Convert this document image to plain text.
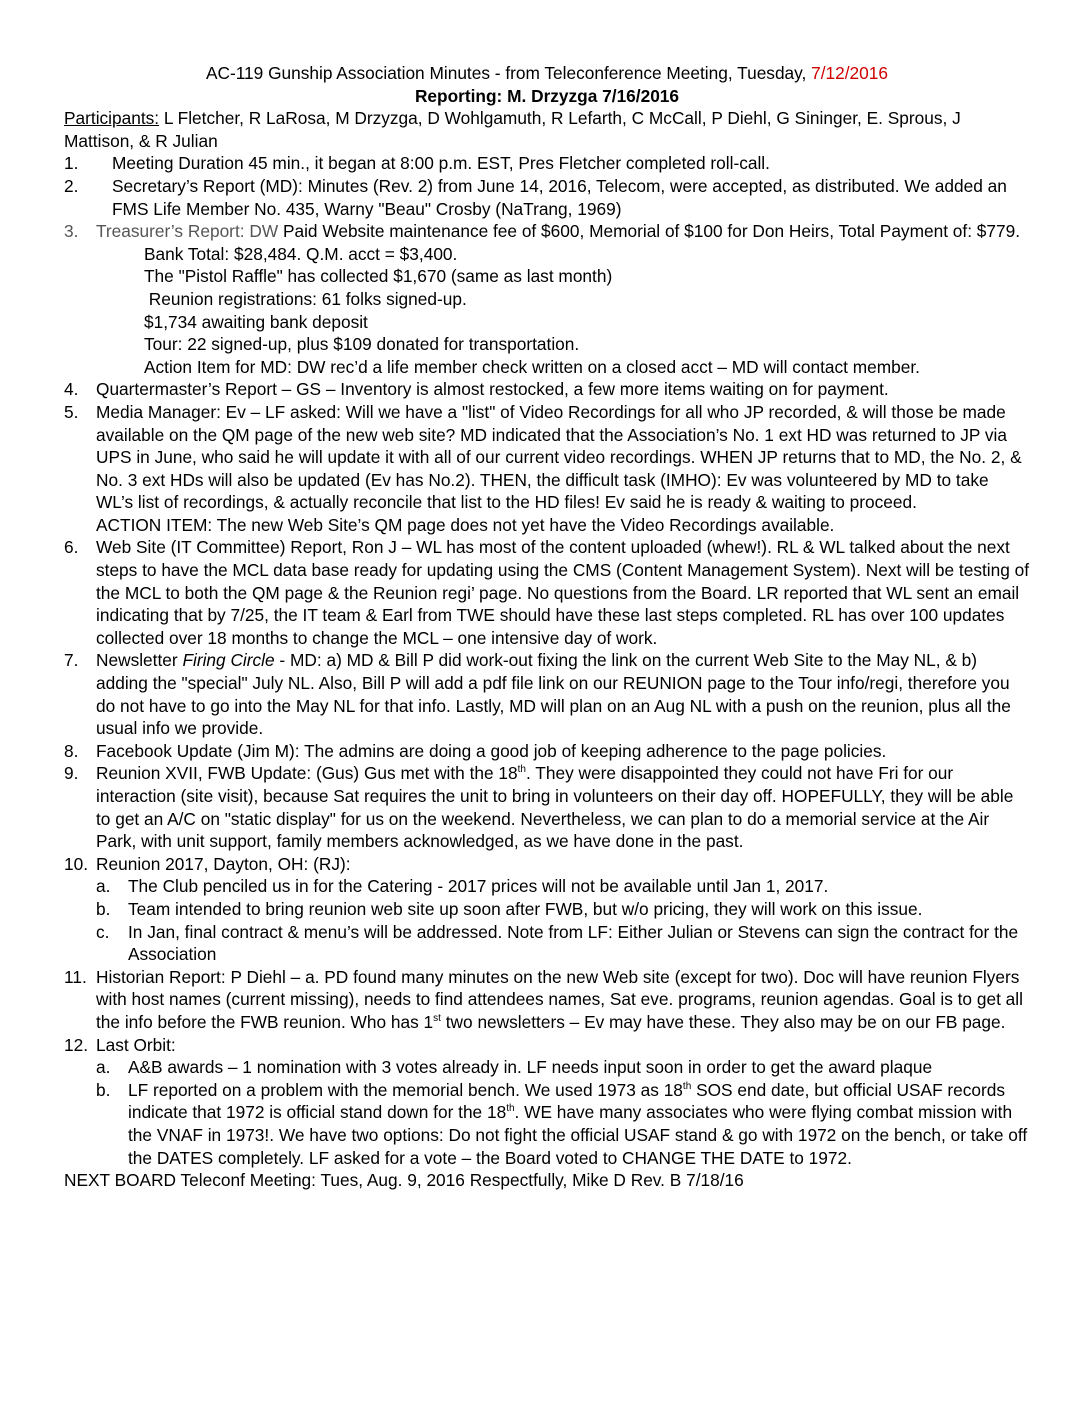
AC-119 Gunship Association Minutes - from Teleconference Meeting, Tuesday, 7/12/2016
Reporting: M. Drzyzga 7/16/2016
Participants: L Fletcher, R LaRosa, M Drzyzga, D Wohlgamuth, R Lefarth, C McCall, P Diehl, G Sininger, E. Sprous, J Mattison, & R Julian
1.	Meeting Duration 45 min., it began at 8:00 p.m. EST, Pres Fletcher completed roll-call.
2.	Secretary’s Report (MD): Minutes (Rev. 2) from June 14, 2016, Telecom, were accepted, as distributed. We added an FMS Life Member No. 435, Warny "Beau" Crosby (NaTrang, 1969)
3.	Treasurer’s Report: DW Paid Website maintenance fee of $600, Memorial of $100 for Don Heirs, Total Payment of: $779.
Bank Total: $28,484. Q.M. acct = $3,400.
The "Pistol Raffle" has collected $1,670 (same as last month)
Reunion registrations: 61 folks signed-up.
$1,734 awaiting bank deposit
Tour: 22 signed-up, plus $109 donated for transportation.
Action Item for MD: DW rec’d a life member check written on a closed acct – MD will contact member.
4.	Quartermaster’s Report – GS – Inventory is almost restocked, a few more items waiting on for payment.
5.	Media Manager: Ev – LF asked: Will we have a "list" of Video Recordings for all who JP recorded, & will those be made available on the QM page of the new web site? MD indicated that the Association’s No. 1 ext HD was returned to JP via UPS in June, who said he will update it with all of our current video recordings. WHEN JP returns that to MD, the No. 2, & No. 3 ext HDs will also be updated (Ev has No.2). THEN, the difficult task (IMHO): Ev was volunteered by MD to take WL’s list of recordings, & actually reconcile that list to the HD files! Ev said he is ready & waiting to proceed.
ACTION ITEM: The new Web Site’s QM page does not yet have the Video Recordings available.
6.	Web Site (IT Committee) Report, Ron J – WL has most of the content uploaded (whew!). RL & WL talked about the next steps to have the MCL data base ready for updating using the CMS (Content Management System). Next will be testing of the MCL to both the QM page & the Reunion regi’ page. No questions from the Board. LR reported that WL sent an email indicating that by 7/25, the IT team & Earl from TWE should have these last steps completed. RL has over 100 updates collected over 18 months to change the MCL – one intensive day of work.
7.	Newsletter Firing Circle - MD: a) MD & Bill P did work-out fixing the link on the current Web Site to the May NL, & b) adding the "special" July NL. Also, Bill P will add a pdf file link on our REUNION page to the Tour info/regi, therefore you do not have to go into the May NL for that info. Lastly, MD will plan on an Aug NL with a push on the reunion, plus all the usual info we provide.
8.	Facebook Update (Jim M): The admins are doing a good job of keeping adherence to the page policies.
9.	Reunion XVII, FWB Update: (Gus) Gus met with the 18th. They were disappointed they could not have Fri for our interaction (site visit), because Sat requires the unit to bring in volunteers on their day off. HOPEFULLY, they will be able to get an A/C on "static display" for us on the weekend. Nevertheless, we can plan to do a memorial service at the Air Park, with unit support, family members acknowledged, as we have done in the past.
10. Reunion 2017, Dayton, OH: (RJ):
a.	The Club penciled us in for the Catering - 2017 prices will not be available until Jan 1, 2017.
b.	Team intended to bring reunion web site up soon after FWB, but w/o pricing, they will work on this issue.
c.	In Jan, final contract & menu’s will be addressed. Note from LF: Either Julian or Stevens can sign the contract for the Association
11. Historian Report: P Diehl – a. PD found many minutes on the new Web site (except for two). Doc will have reunion Flyers with host names (current missing), needs to find attendees names, Sat eve. programs, reunion agendas. Goal is to get all the info before the FWB reunion. Who has 1st two newsletters – Ev may have these. They also may be on our FB page.
12. Last Orbit:
a.	A&B awards – 1 nomination with 3 votes already in. LF needs input soon in order to get the award plaque
b.	LF reported on a problem with the memorial bench. We used 1973 as 18th SOS end date, but official USAF records indicate that 1972 is official stand down for the 18th. WE have many associates who were flying combat mission with the VNAF in 1973!. We have two options: Do not fight the official USAF stand & go with 1972 on the bench, or take off the DATES completely. LF asked for a vote – the Board voted to CHANGE THE DATE to 1972.
NEXT BOARD Teleconf Meeting: Tues, Aug. 9, 2016 Respectfully, Mike D Rev. B 7/18/16
